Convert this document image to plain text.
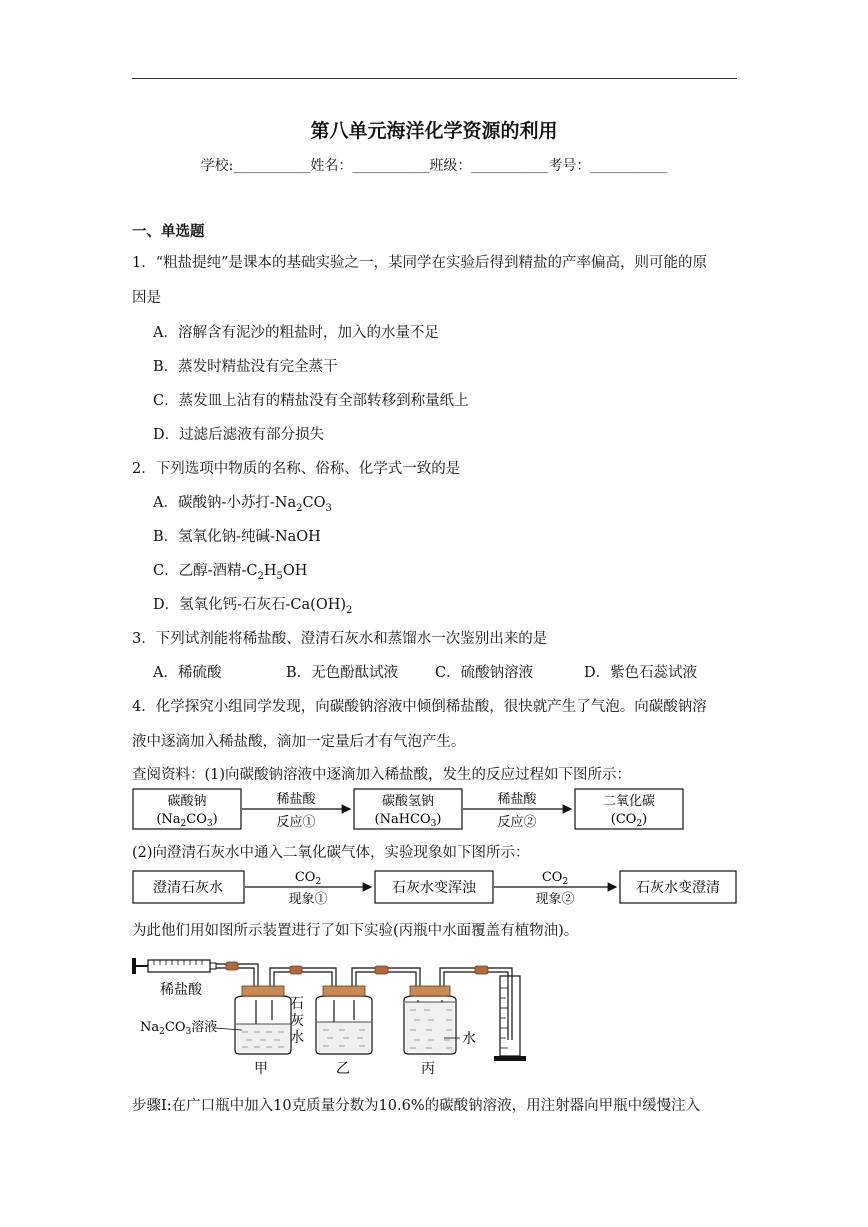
第八单元海洋化学资源的利用
学校:___________姓名：___________班级：___________考号：___________
一、单选题
1．“粗盐提纯”是课本的基础实验之一，某同学在实验后得到精盐的产率偏高，则可能的原
因是
A．溶解含有泥沙的粗盐时，加入的水量不足
B．蒸发时精盐没有完全蒸干
C．蒸发皿上沾有的精盐没有全部转移到称量纸上
D．过滤后滤液有部分损失
2．下列选项中物质的名称、俗称、化学式一致的是
A．碳酸钠-小苏打$-Na_2CO_3$
B．氢氧化钠-纯碱-NaOH
C．乙醇-酒精$-C_2H_5OH$
D．氢氧化钙-石灰石$-Ca(OH)_2$
3．下列试剂能将稀盐酸、澄清石灰水和蒸馏水一次鉴别出来的是
A．稀硫酸	B．无色酚酞试液	C．硫酸钠溶液	D．紫色石蕊试液
4．化学探究小组同学发现，向碳酸钠溶液中倾倒稀盐酸，很快就产生了气泡。向碳酸钠溶
液中逐滴加入稀盐酸，滴加一定量后才有气泡产生。
查阅资料：(1)向碳酸钠溶液中逐滴加入稀盐酸，发生的反应过程如下图所示：
碳酸钠
$(Na_2CO_3)$
稀盐酸
反应①
碳酸氢钠
(NaHCO$_3$)
稀盐酸
反应②
二氧化碳
$(CO_2)$
(2)向澄清石灰水中通入二氧化碳气体，实验现象如下图所示：
澄清石灰水
$CO_2$
现象①
石灰水变浑浊
$CO_2$
现象②
石灰水变澄清
为此他们用如图所示装置进行了如下实验(丙瓶中水面覆盖有植物油)。
稀盐酸
$Na_2CO_3$溶液
石
灰
水	水
甲	乙	丙
步骤Ⅰ:在广口瓶中加入10克质量分数为10.6%的碳酸钠溶液，用注射器向甲瓶中缓慢注入
